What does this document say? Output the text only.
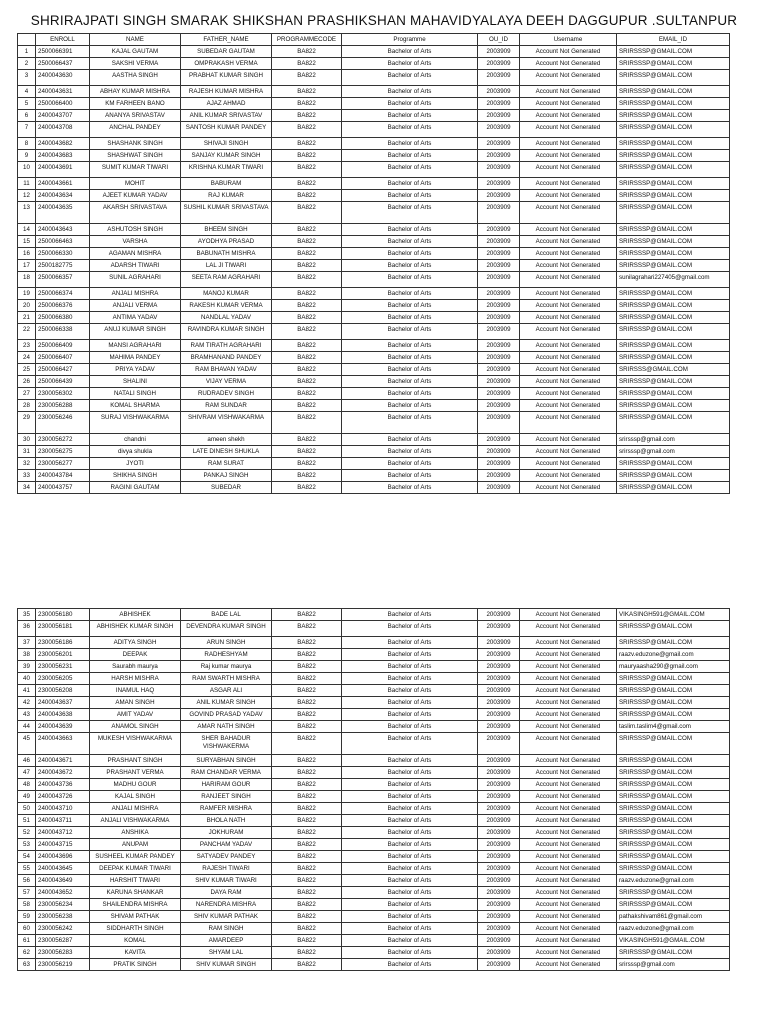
SHRIRAJPATI SINGH SMARAK SHIKSHAN PRASHIKSHAN MAHAVIDYALAYA DEEH DAGGUPUR .SULTANPUR
	ENROLL	NAME	FATHER_NAME	PROGRAMMECODE	Programme	OU_ID	Username	EMAIL_ID
1	2500066391	KAJAL GAUTAM	SUBEDAR GAUTAM	BA822	Bachelor of Arts	2003909	Account Not Generated	SRIRSSSP@GMAIL.COM
2	2500066437	SAKSHI VERMA	OMPRAKASH VERMA	BA822	Bachelor of Arts	2003909	Account Not Generated	SRIRSSSP@GMAIL.COM
3	2400043630	AASTHA SINGH	PRABHAT KUMAR SINGH	BA822	Bachelor of Arts	2003909	Account Not Generated	SRIRSSSP@GMAIL.COM
4	2400043631	ABHAY KUMAR MISHRA	RAJESH KUMAR MISHRA	BA822	Bachelor of Arts	2003909	Account Not Generated	SRIRSSSP@GMAIL.COM
5	2500066400	KM FARHEEN BANO	AJAZ AHMAD	BA822	Bachelor of Arts	2003909	Account Not Generated	SRIRSSSP@GMAIL.COM
6	2400043707	ANANYA SRIVASTAV	ANIL KUMAR SRIVASTAV	BA822	Bachelor of Arts	2003909	Account Not Generated	SRIRSSSP@GMAIL.COM
7	2400043708	ANCHAL PANDEY	SANTOSH KUMAR PANDEY	BA822	Bachelor of Arts	2003909	Account Not Generated	SRIRSSSP@GMAIL.COM
8	2400043682	SHASHANK SINGH	SHIVAJI SINGH	BA822	Bachelor of Arts	2003909	Account Not Generated	SRIRSSSP@GMAIL.COM
9	2400043683	SHASHWAT SINGH	SANJAY KUMAR SINGH	BA822	Bachelor of Arts	2003909	Account Not Generated	SRIRSSSP@GMAIL.COM
10	2400043691	SUMIT KUMAR TIWARI	KRISHNA KUMAR TIWARI	BA822	Bachelor of Arts	2003909	Account Not Generated	SRIRSSSP@GMAIL.COM
11	2400043661	MOHIT	BABURAM	BA822	Bachelor of Arts	2003909	Account Not Generated	SRIRSSSP@GMAIL.COM
12	2400043634	AJEET KUMAR YADAV	RAJ KUMAR	BA822	Bachelor of Arts	2003909	Account Not Generated	SRIRSSSP@GMAIL.COM
13	2400043635	AKARSH SRIVASTAVA	SUSHIL KUMAR SRIVASTAVA	BA822	Bachelor of Arts	2003909	Account Not Generated	SRIRSSSP@GMAIL.COM
14	2400043643	ASHUTOSH SINGH	BHEEM SINGH	BA822	Bachelor of Arts	2003909	Account Not Generated	SRIRSSSP@GMAIL.COM
15	2500066463	VARSHA	AYODHYA PRASAD	BA822	Bachelor of Arts	2003909	Account Not Generated	SRIRSSSP@GMAIL.COM
16	2500066330	AGAMAN MISHRA	BABUNATH MISHRA	BA822	Bachelor of Arts	2003909	Account Not Generated	SRIRSSSP@GMAIL.COM
17	2500182775	ADARSH TIWARI	LAL JI TIWARI	BA822	Bachelor of Arts	2003909	Account Not Generated	SRIRSSSP@GMAIL.COM
18	2500066357	SUNIL AGRAHARI	SEETA RAM AGRAHARI	BA822	Bachelor of Arts	2003909	Account Not Generated	sunilagrahari227405@gmail.com
19	2500066374	ANJALI MISHRA	MANOJ KUMAR	BA822	Bachelor of Arts	2003909	Account Not Generated	SRIRSSSP@GMAIL.COM
20	2500066376	ANJALI VERMA	RAKESH KUMAR VERMA	BA822	Bachelor of Arts	2003909	Account Not Generated	SRIRSSSP@GMAIL.COM
21	2500066380	ANTIMA YADAV	NANDLAL YADAV	BA822	Bachelor of Arts	2003909	Account Not Generated	SRIRSSSP@GMAIL.COM
22	2500066338	ANUJ KUMAR SINGH	RAVINDRA KUMAR SINGH	BA822	Bachelor of Arts	2003909	Account Not Generated	SRIRSSSP@GMAIL.COM
23	2500066409	MANSI AGRAHARI	RAM TIRATH AGRAHARI	BA822	Bachelor of Arts	2003909	Account Not Generated	SRIRSSSP@GMAIL.COM
24	2500066407	MAHIMA PANDEY	BRAMHANAND PANDEY	BA822	Bachelor of Arts	2003909	Account Not Generated	SRIRSSSP@GMAIL.COM
25	2500066427	PRIYA YADAV	RAM BHAVAN YADAV	BA822	Bachelor of Arts	2003909	Account Not Generated	SRIRSSS@GMAIL.COM
26	2500066439	SHALINI	VIJAY VERMA	BA822	Bachelor of Arts	2003909	Account Not Generated	SRIRSSSP@GMAIL.COM
27	2300056302	NATALI SINGH	RUDRADEV SINGH	BA822	Bachelor of Arts	2003909	Account Not Generated	SRIRSSSP@GMAIL.COM
28	2300056288	KOMAL SHARMA	RAM SUNDAR	BA822	Bachelor of Arts	2003909	Account Not Generated	SRIRSSSP@GMAIL.COM
29	2300056246	SURAJ VISHWAKARMA	SHIVRAM VISHWAKARMA	BA822	Bachelor of Arts	2003909	Account Not Generated	SRIRSSSP@GMAIL.COM
30	2300056272	chandni	ameen shekh	BA822	Bachelor of Arts	2003909	Account Not Generated	srirsssp@gmail.com
31	2300056275	divya shukla	LATE DINESH SHUKLA	BA822	Bachelor of Arts	2003909	Account Not Generated	srirsssp@gmail.com
32	2300056277	JYOTI	RAM SURAT	BA822	Bachelor of Arts	2003909	Account Not Generated	SRIRSSSP@GMAIL.COM
33	2400043784	SHIKHA SINGH	PANKAJ SINGH	BA822	Bachelor of Arts	2003909	Account Not Generated	SRIRSSSP@GMAIL.COM
34	2400043757	RAGINI GAUTAM	SUBEDAR	BA822	Bachelor of Arts	2003909	Account Not Generated	SRIRSSSP@GMAIL.COM
35	2300056180	ABHISHEK	BADE LAL	BA822	Bachelor of Arts	2003909	Account Not Generated	VIKASINGH591@GMAIL.COM
36	2300056181	ABHISHEK KUMAR SINGH	DEVENDRA KUMAR SINGH	BA822	Bachelor of Arts	2003909	Account Not Generated	SRIRSSSP@GMAIL.COM
37	2300056186	ADITYA SINGH	ARUN SINGH	BA822	Bachelor of Arts	2003909	Account Not Generated	SRIRSSSP@GMAIL.COM
38	2300056201	DEEPAK	RADHESHYAM	BA822	Bachelor of Arts	2003909	Account Not Generated	raazv.eduzone@gmail.com
39	2300056231	Saurabh maurya	Raj kumar maurya	BA822	Bachelor of Arts	2003909	Account Not Generated	mauryaasha290@gmail.com
40	2300056205	HARSH MISHRA	RAM SWARTH MISHRA	BA822	Bachelor of Arts	2003909	Account Not Generated	SRIRSSSP@GMAIL.COM
41	2300056208	INAMUL HAQ	ASGAR ALI	BA822	Bachelor of Arts	2003909	Account Not Generated	SRIRSSSP@GMAIL.COM
42	2400043637	AMAN SINGH	ANIL KUMAR SINGH	BA822	Bachelor of Arts	2003909	Account Not Generated	SRIRSSSP@GMAIL.COM
43	2400043638	AMIT YADAV	GOVIND PRASAD YADAV	BA822	Bachelor of Arts	2003909	Account Not Generated	SRIRSSSP@GMAIL.COM
44	2400043639	ANAMOL SINGH	AMAR NATH SINGH	BA822	Bachelor of Arts	2003909	Account Not Generated	taslim.taslim4@gmail.com
45	2400043663	MUKESH VISHWAKARMA	SHER BAHADUR VISHWAKERMA	BA822	Bachelor of Arts	2003909	Account Not Generated	SRIRSSSP@GMAIL.COM
46	2400043671	PRASHANT SINGH	SURYABHAN SINGH	BA822	Bachelor of Arts	2003909	Account Not Generated	SRIRSSSP@GMAIL.COM
47	2400043672	PRASHANT VERMA	RAM CHANDAR VERMA	BA822	Bachelor of Arts	2003909	Account Not Generated	SRIRSSSP@GMAIL.COM
48	2400043736	MADHU GOUR	HARIRAM GOUR	BA822	Bachelor of Arts	2003909	Account Not Generated	SRIRSSSP@GMAIL.COM
49	2400043726	KAJAL SINGH	RANJEET SINGH	BA822	Bachelor of Arts	2003909	Account Not Generated	SRIRSSSP@GMAIL.COM
50	2400043710	ANJALI MISHRA	RAMFER MISHRA	BA822	Bachelor of Arts	2003909	Account Not Generated	SRIRSSSP@GMAIL.COM
51	2400043711	ANJALI VISHWAKARMA	BHOLA NATH	BA822	Bachelor of Arts	2003909	Account Not Generated	SRIRSSSP@GMAIL.COM
52	2400043712	ANSHIKA	JOKHURAM	BA822	Bachelor of Arts	2003909	Account Not Generated	SRIRSSSP@GMAIL.COM
53	2400043715	ANUPAM	PANCHAM YADAV	BA822	Bachelor of Arts	2003909	Account Not Generated	SRIRSSSP@GMAIL.COM
54	2400043696	SUSHEEL KUMAR PANDEY	SATYADEV PANDEY	BA822	Bachelor of Arts	2003909	Account Not Generated	SRIRSSSP@GMAIL.COM
55	2400043645	DEEPAK KUMAR TIWARI	RAJESH TIWARI	BA822	Bachelor of Arts	2003909	Account Not Generated	SRIRSSSP@GMAIL.COM
56	2400043649	HARSHIT TIWARI	SHIV KUMAR TIWARI	BA822	Bachelor of Arts	2003909	Account Not Generated	raazv.eduzone@gmail.com
57	2400043652	KARUNA SHANKAR	DAYA RAM	BA822	Bachelor of Arts	2003909	Account Not Generated	SRIRSSSP@GMAIL.COM
58	2300056234	SHAILENDRA MISHRA	NARENDRA MISHRA	BA822	Bachelor of Arts	2003909	Account Not Generated	SRIRSSSP@GMAIL.COM
59	2300056238	SHIVAM PATHAK	SHIV KUMAR PATHAK	BA822	Bachelor of Arts	2003909	Account Not Generated	pathakshivam861@gmail.com
60	2300056242	SIDDHARTH SINGH	RAM SINGH	BA822	Bachelor of Arts	2003909	Account Not Generated	raazv.eduzone@gmail.com
61	2300056287	KOMAL	AMARDEEP	BA822	Bachelor of Arts	2003909	Account Not Generated	VIKASINGH591@GMAIL.COM
62	2300056283	KAVITA	SHYAM LAL	BA822	Bachelor of Arts	2003909	Account Not Generated	SRIRSSSP@GMAIL.COM
63	2300056219	PRATIK SINGH	SHIV KUMAR SINGH	BA822	Bachelor of Arts	2003909	Account Not Generated	srirsssp@gmail.com
